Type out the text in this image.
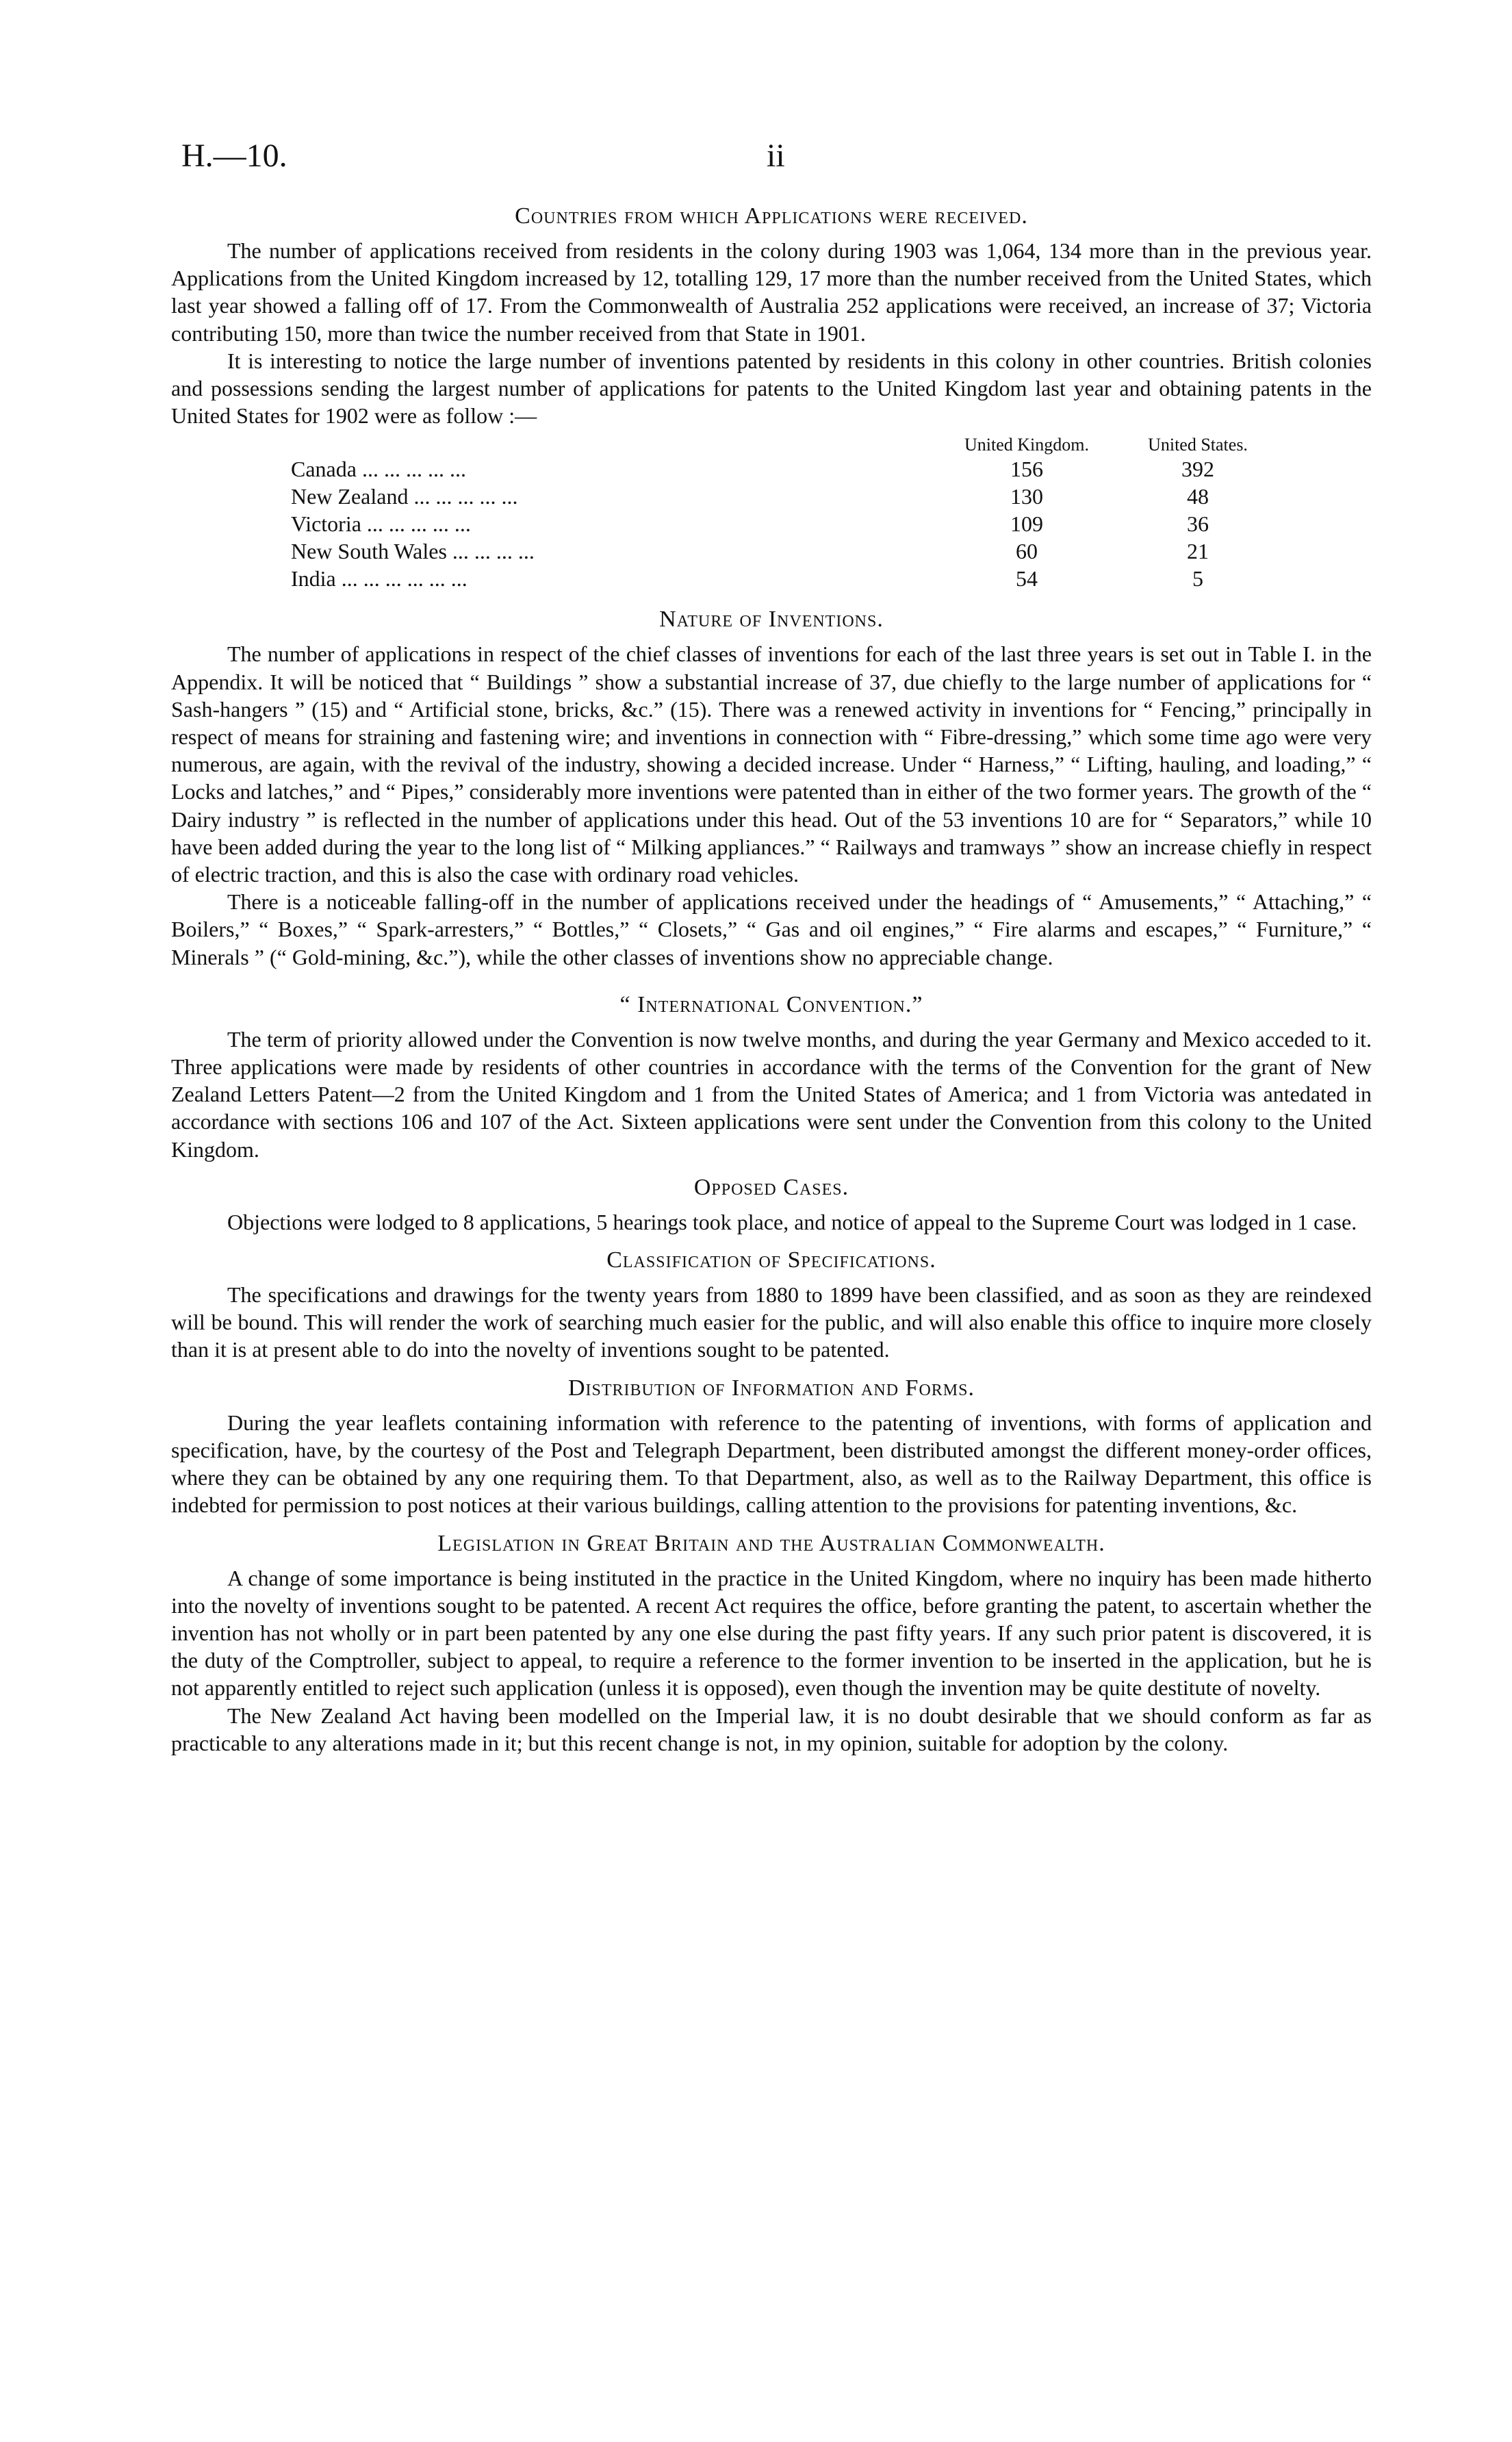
H.—10.	ii
Countries from which Applications were received.

The number of applications received from residents in the colony during 1903 was 1,064, 134 more than in the previous year. Applications from the United Kingdom increased by 12, totalling 129, 17 more than the number received from the United States, which last year showed a falling off of 17. From the Commonwealth of Australia 252 applications were received, an increase of 37; Victoria contributing 150, more than twice the number received from that State in 1901.

It is interesting to notice the large number of inventions patented by residents in this colony in other countries. British colonies and possessions sending the largest number of applications for patents to the United Kingdom last year and obtaining patents in the United States for 1902 were as follow :—

	United Kingdom.	United States.
Canada ... ... ... ... ...	156	392
New Zealand ... ... ... ... ...	130	48
Victoria ... ... ... ... ...	109	36
New South Wales ... ... ... ...	60	21
India ... ... ... ... ... ...	54	5
Nature of Inventions.

The number of applications in respect of the chief classes of inventions for each of the last three years is set out in Table I. in the Appendix. It will be noticed that “ Buildings ” show a substantial increase of 37, due chiefly to the large number of applications for “ Sash-hangers ” (15) and “ Artificial stone, bricks, &c.” (15). There was a renewed activity in inventions for “ Fencing,” principally in respect of means for straining and fastening wire; and inventions in connection with “ Fibre-dressing,” which some time ago were very numerous, are again, with the revival of the industry, showing a decided increase. Under “ Harness,” “ Lifting, hauling, and loading,” “ Locks and latches,” and “ Pipes,” considerably more inventions were patented than in either of the two former years. The growth of the “ Dairy industry ” is reflected in the number of applications under this head. Out of the 53 inventions 10 are for “ Separators,” while 10 have been added during the year to the long list of “ Milking appliances.” “ Railways and tramways ” show an increase chiefly in respect of electric traction, and this is also the case with ordinary road vehicles.

There is a noticeable falling-off in the number of applications received under the headings of “ Amusements,” “ Attaching,” “ Boilers,” “ Boxes,” “ Spark-arresters,” “ Bottles,” “ Closets,” “ Gas and oil engines,” “ Fire alarms and escapes,” “ Furniture,” “ Minerals ” (“ Gold-mining, &c.”), while the other classes of inventions show no appreciable change.

“ International Convention.”

The term of priority allowed under the Convention is now twelve months, and during the year Germany and Mexico acceded to it. Three applications were made by residents of other countries in accordance with the terms of the Convention for the grant of New Zealand Letters Patent—2 from the United Kingdom and 1 from the United States of America; and 1 from Victoria was antedated in accordance with sections 106 and 107 of the Act. Sixteen applications were sent under the Convention from this colony to the United Kingdom.

Opposed Cases.

Objections were lodged to 8 applications, 5 hearings took place, and notice of appeal to the Supreme Court was lodged in 1 case.

Classification of Specifications.

The specifications and drawings for the twenty years from 1880 to 1899 have been classified, and as soon as they are reindexed will be bound. This will render the work of searching much easier for the public, and will also enable this office to inquire more closely than it is at present able to do into the novelty of inventions sought to be patented.

Distribution of Information and Forms.

During the year leaflets containing information with reference to the patenting of inventions, with forms of application and specification, have, by the courtesy of the Post and Telegraph Department, been distributed amongst the different money-order offices, where they can be obtained by any one requiring them. To that Department, also, as well as to the Railway Department, this office is indebted for permission to post notices at their various buildings, calling attention to the provisions for patenting inventions, &c.

Legislation in Great Britain and the Australian Commonwealth.

A change of some importance is being instituted in the practice in the United Kingdom, where no inquiry has been made hitherto into the novelty of inventions sought to be patented. A recent Act requires the office, before granting the patent, to ascertain whether the invention has not wholly or in part been patented by any one else during the past fifty years. If any such prior patent is discovered, it is the duty of the Comptroller, subject to appeal, to require a reference to the former invention to be inserted in the application, but he is not apparently entitled to reject such application (unless it is opposed), even though the invention may be quite destitute of novelty.

The New Zealand Act having been modelled on the Imperial law, it is no doubt desirable that we should conform as far as practicable to any alterations made in it; but this recent change is not, in my opinion, suitable for adoption by the colony.
